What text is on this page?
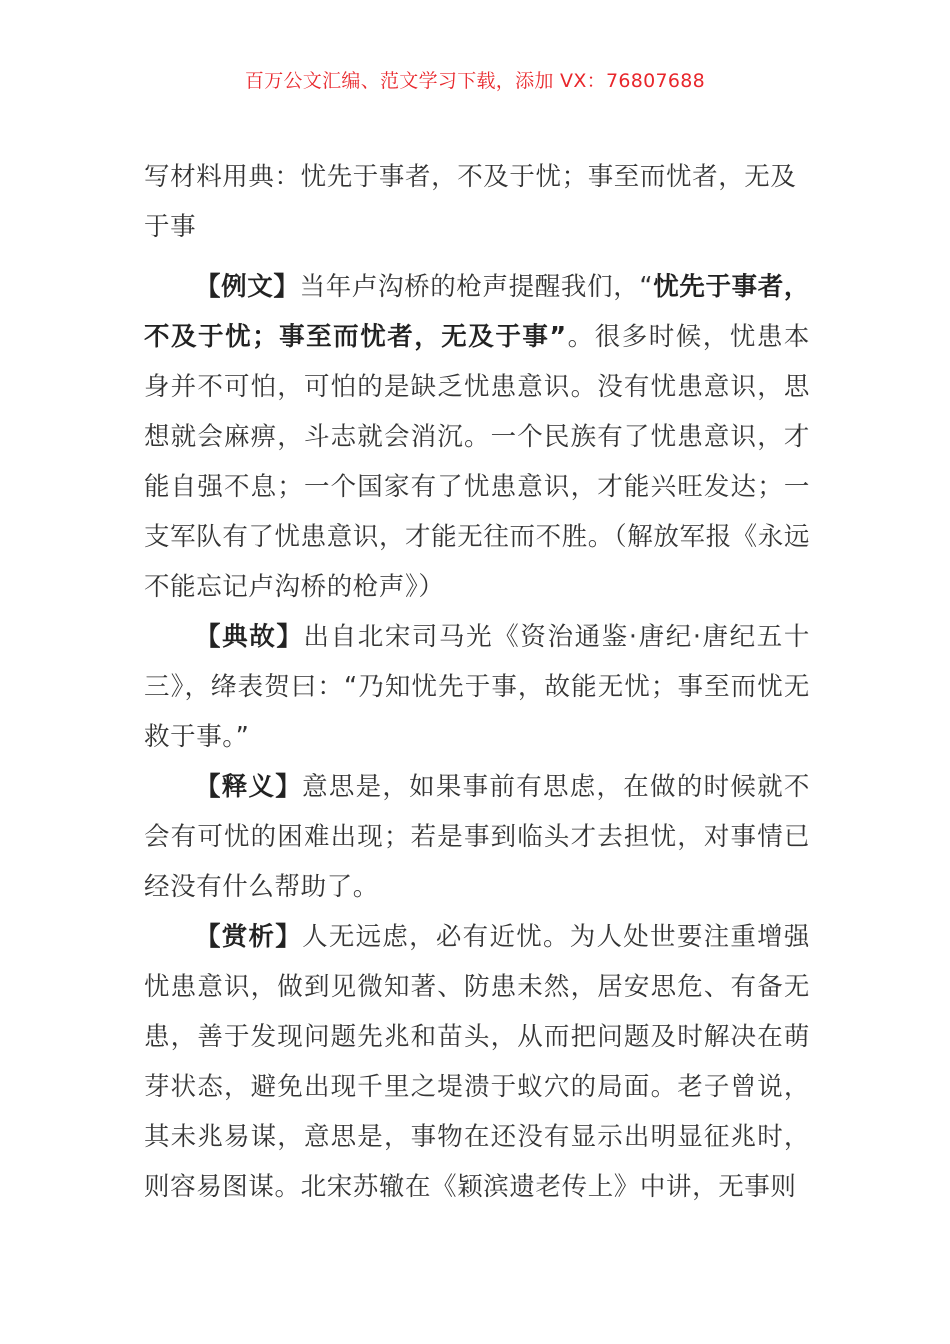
百万公文汇编、范文学习下载，添加 VX：76807688

写材料用典：忧先于事者，不及于忧；事至而忧者，无及于事

【例文】当年卢沟桥的枪声提醒我们，“忧先于事者，不及于忧；事至而忧者，无及于事”。很多时候，忧患本身并不可怕，可怕的是缺乏忧患意识。没有忧患意识，思想就会麻痹，斗志就会消沉。一个民族有了忧患意识，才能自强不息；一个国家有了忧患意识，才能兴旺发达；一支军队有了忧患意识，才能无往而不胜。（解放军报《永远不能忘记卢沟桥的枪声》）

【典故】出自北宋司马光《资治通鉴·唐纪·唐纪五十三》，绛表贺曰：“乃知忧先于事，故能无忧；事至而忧无救于事。”

【释义】意思是，如果事前有思虑，在做的时候就不会有可忧的困难出现；若是事到临头才去担忧，对事情已经没有什么帮助了。

【赏析】人无远虑，必有近忧。为人处世要注重增强忧患意识，做到见微知著、防患未然，居安思危、有备无患，善于发现问题先兆和苗头，从而把问题及时解决在萌芽状态，避免出现千里之堤溃于蚁穴的局面。老子曾说，其未兆易谋，意思是，事物在还没有显示出明显征兆时，则容易图谋。北宋苏辙在《颖滨遗老传上》中讲，无事则
